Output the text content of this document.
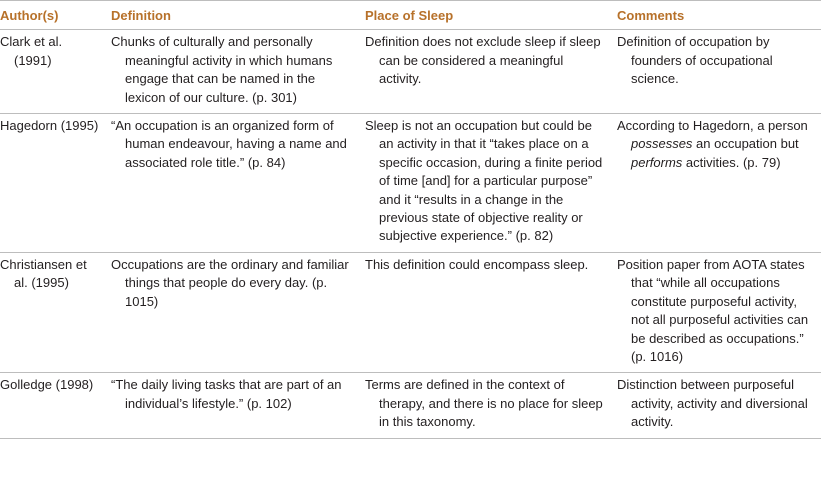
Author(s)	Definition	Place of Sleep	Comments

Clark et al. (1991)	Chunks of culturally and personally meaningful activity in which humans engage that can be named in the lexicon of our culture. (p. 301)	Definition does not exclude sleep if sleep can be considered a meaningful activity.	Definition of occupation by founders of occupational science.

Hagedorn (1995)	“An occupation is an organized form of human endeavour, having a name and associated role title.” (p. 84)	Sleep is not an occupation but could be an activity in that it “takes place on a specific occasion, during a finite period of time [and] for a particular purpose” and it “results in a change in the previous state of objective reality or subjective experience.” (p. 82)	According to Hagedorn, a person possesses an occupation but performs activities. (p. 79)

Christiansen et al. (1995)	Occupations are the ordinary and familiar things that people do every day. (p. 1015)	This definition could encompass sleep.	Position paper from AOTA states that “while all occupations constitute purposeful activity, not all purposeful activities can be described as occupations.” (p. 1016)

Golledge (1998)	“The daily living tasks that are part of an individual’s lifestyle.” (p. 102)	Terms are defined in the context of therapy, and there is no place for sleep in this taxonomy.	Distinction between purposeful activity, activity and diversional activity.
